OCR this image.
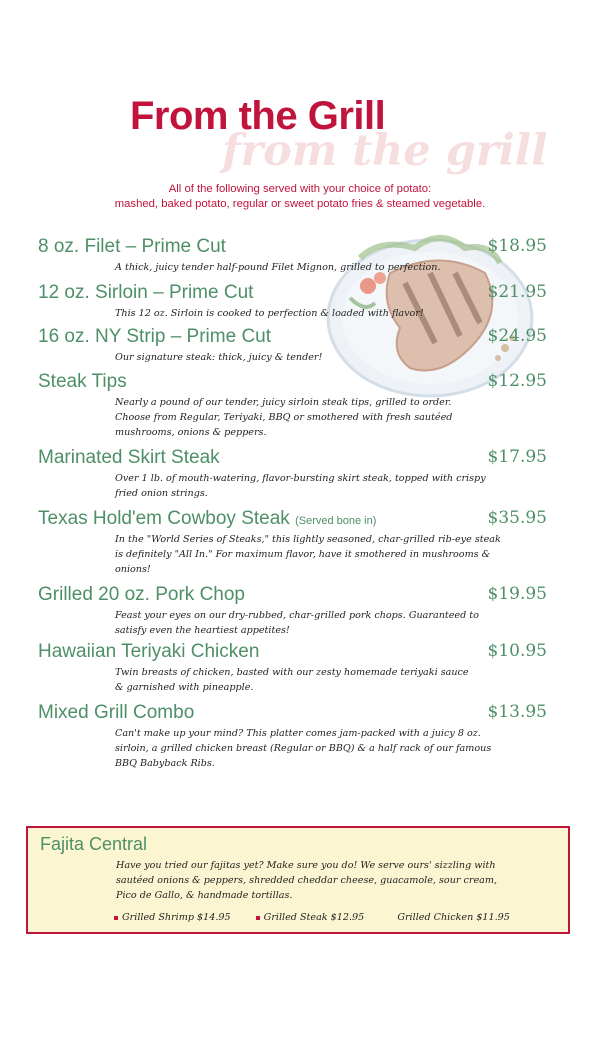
from the grill
From the Grill
All of the following served with your choice of potato:
mashed, baked potato, regular or sweet potato fries & steamed vegetable.
8 oz. Filet – Prime Cut	$18.95
A thick, juicy tender half-pound Filet Mignon, grilled to perfection.
12 oz. Sirloin – Prime Cut	$21.95
This 12 oz. Sirloin is cooked to perfection & loaded with flavor!
16 oz. NY Strip – Prime Cut	$24.95
Our signature steak: thick, juicy & tender!
Steak Tips	$12.95
Nearly a pound of our tender, juicy sirloin steak tips, grilled to order.
Choose from Regular, Teriyaki, BBQ or smothered with fresh sautéed
mushrooms, onions & peppers.
Marinated Skirt Steak	$17.95
Over 1 lb. of mouth-watering, flavor-bursting skirt steak, topped with crispy
fried onion strings.
Texas Hold'em Cowboy Steak (Served bone in)	$35.95
In the "World Series of Steaks," this lightly seasoned, char-grilled rib-eye steak
is definitely "All In." For maximum flavor, have it smothered in mushrooms &
onions!
Grilled 20 oz. Pork Chop	$19.95
Feast your eyes on our dry-rubbed, char-grilled pork chops. Guaranteed to
satisfy even the heartiest appetites!
Hawaiian Teriyaki Chicken	$10.95
Twin breasts of chicken, basted with our zesty homemade teriyaki sauce
& garnished with pineapple.
Mixed Grill Combo	$13.95
Can't make up your mind? This platter comes jam-packed with a juicy 8 oz.
sirloin, a grilled chicken breast (Regular or BBQ) & a half rack of our famous
BBQ Babyback Ribs.
Fajita Central
Have you tried our fajitas yet? Make sure you do! We serve ours' sizzling with
sautéed onions & peppers, shredded cheddar cheese, guacamole, sour cream,
Pico de Gallo, & handmade tortillas.
Grilled Shrimp $14.95	Grilled Steak $12.95	Grilled Chicken $11.95
